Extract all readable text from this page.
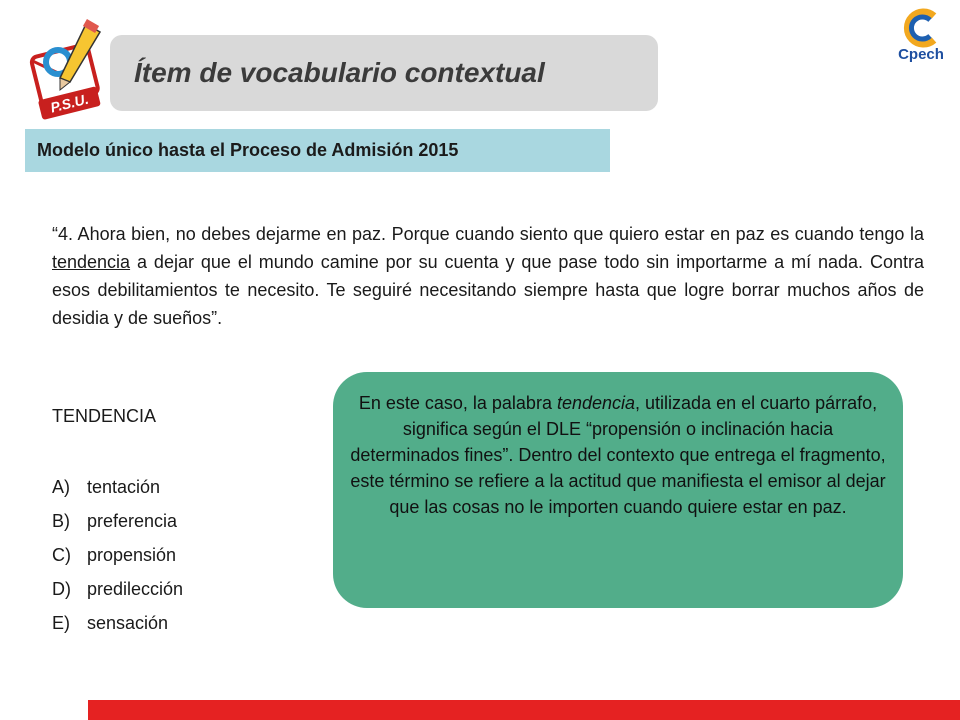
P.S.U.
Ítem de vocabulario contextual
Cpech
Modelo único hasta el Proceso de Admisión 2015
“4. Ahora bien, no debes dejarme en paz. Porque cuando siento que quiero estar en paz es cuando tengo la tendencia a dejar que el mundo camine por su cuenta y que pase todo sin importarme a mí nada. Contra esos debilitamientos te necesito. Te seguiré necesitando siempre hasta que logre borrar muchos años de desidia y de sueños”.
TENDENCIA
A) tentación
B) preferencia
C) propensión
D) predilección
E) sensación
En este caso, la palabra tendencia, utilizada en el cuarto párrafo, significa según el DLE “propensión o inclinación hacia determinados fines”. Dentro del contexto que entrega el fragmento, este término se refiere a la actitud que manifiesta el emisor al dejar que las cosas no le importen cuando quiere estar en paz.
